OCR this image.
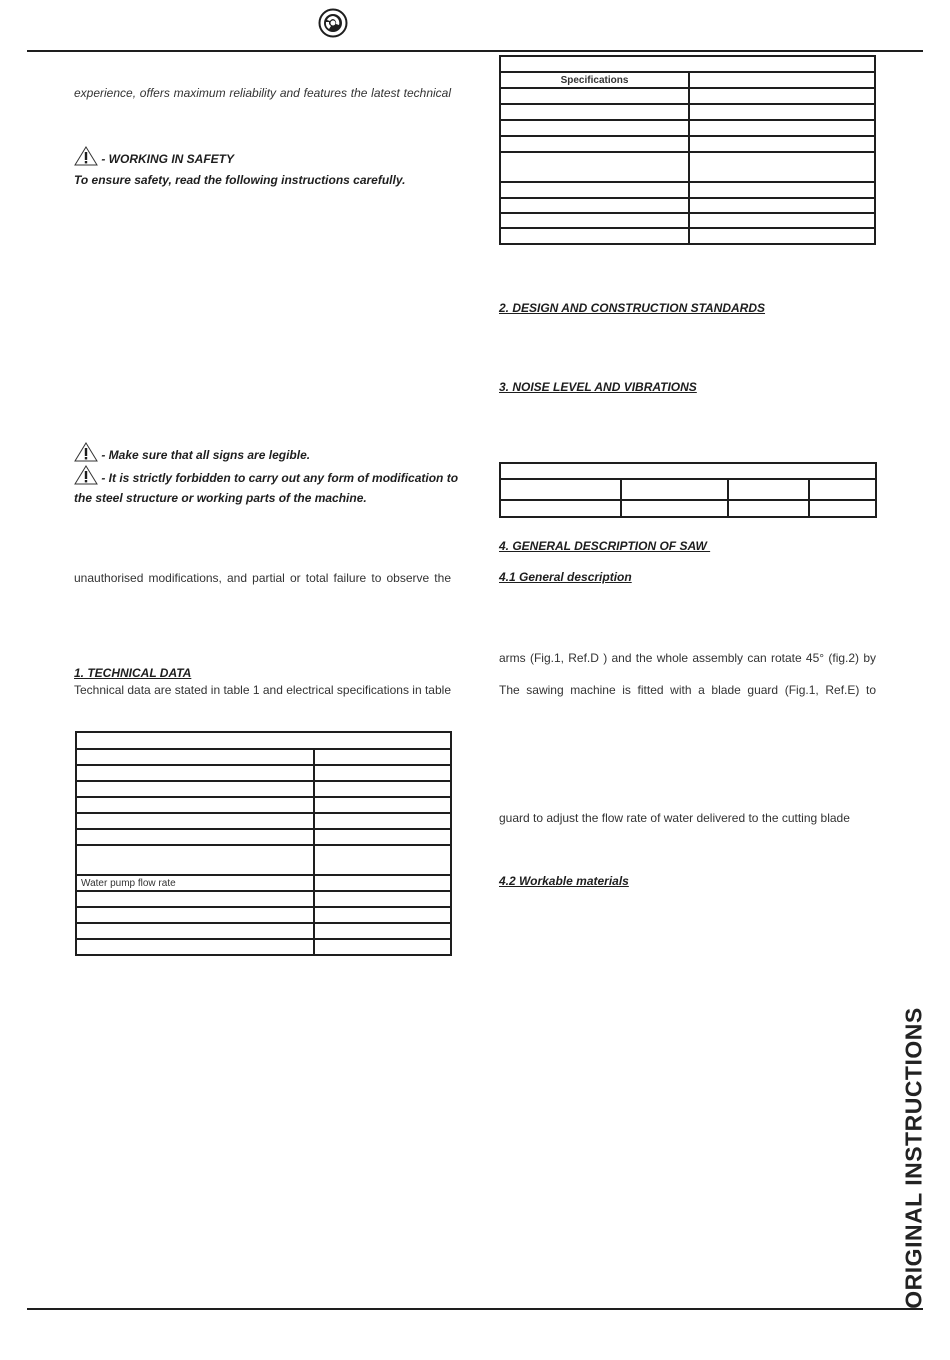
experience, offers maximum reliability and features the latest technical
- WORKING IN SAFETY
To ensure safety, read the following instructions carefully.
- Make sure that all signs are legible.
- It is strictly forbidden to carry out any form of modification to
the steel structure or working parts of the machine.
unauthorised modifications, and partial or total failure to observe the
1. TECHNICAL DATA
Technical data are stated in table 1 and electrical specifications in table

Water pump flow rate	

Specifications	

2. DESIGN AND CONSTRUCTION STANDARDS
3. NOISE LEVEL AND VIBRATIONS

4. GENERAL DESCRIPTION OF SAW
4.1 General description
arms (Fig.1, Ref.D ) and the whole assembly can rotate 45° (fig.2) by
The sawing machine is fitted with a blade guard (Fig.1, Ref.E) to
guard to adjust the flow rate of water delivered to the cutting blade
4.2 Workable materials
ORIGINAL INSTRUCTIONS
